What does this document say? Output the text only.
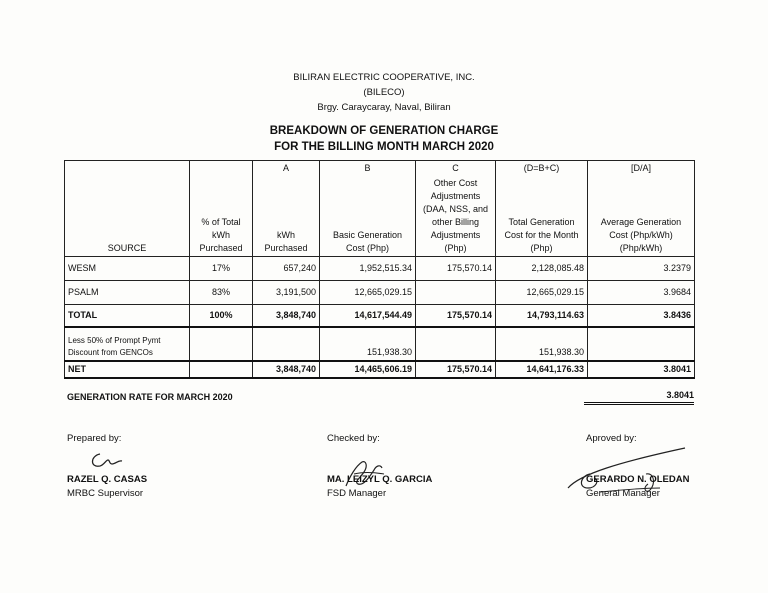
BILIRAN ELECTRIC COOPERATIVE, INC.
(BILECO)
Brgy. Caraycaray, Naval, Biliran
BREAKDOWN OF GENERATION CHARGE
FOR THE BILLING MONTH MARCH 2020
		A	B	C	(D=B+C)	[D/A]
SOURCE	% of Total kWh Purchased	kWh Purchased	Basic Generation Cost (Php)	Other Cost Adjustments (DAA, NSS, and other Billing Adjustments (Php)	Total Generation Cost for the Month (Php)	Average Generation Cost (Php/kWh) (Php/kWh)
WESM	17%	657,240	1,952,515.34	175,570.14	2,128,085.48	3.2379
PSALM	83%	3,191,500	12,665,029.15		12,665,029.15	3.9684
TOTAL	100%	3,848,740	14,617,544.49	175,570.14	14,793,114.63	3.8436
Less 50% of Prompt Pymt Discount from GENCOs			151,938.30		151,938.30	
NET		3,848,740	14,465,606.19	175,570.14	14,641,176.33	3.8041
GENERATION RATE FOR MARCH 2020	3.8041
Prepared by:
RAZEL Q. CASAS
MRBC Supervisor
Checked by:
MA. LEIZYL Q. GARCIA
FSD Manager
Aproved by:
GERARDO N. OLEDAN
General Manager
